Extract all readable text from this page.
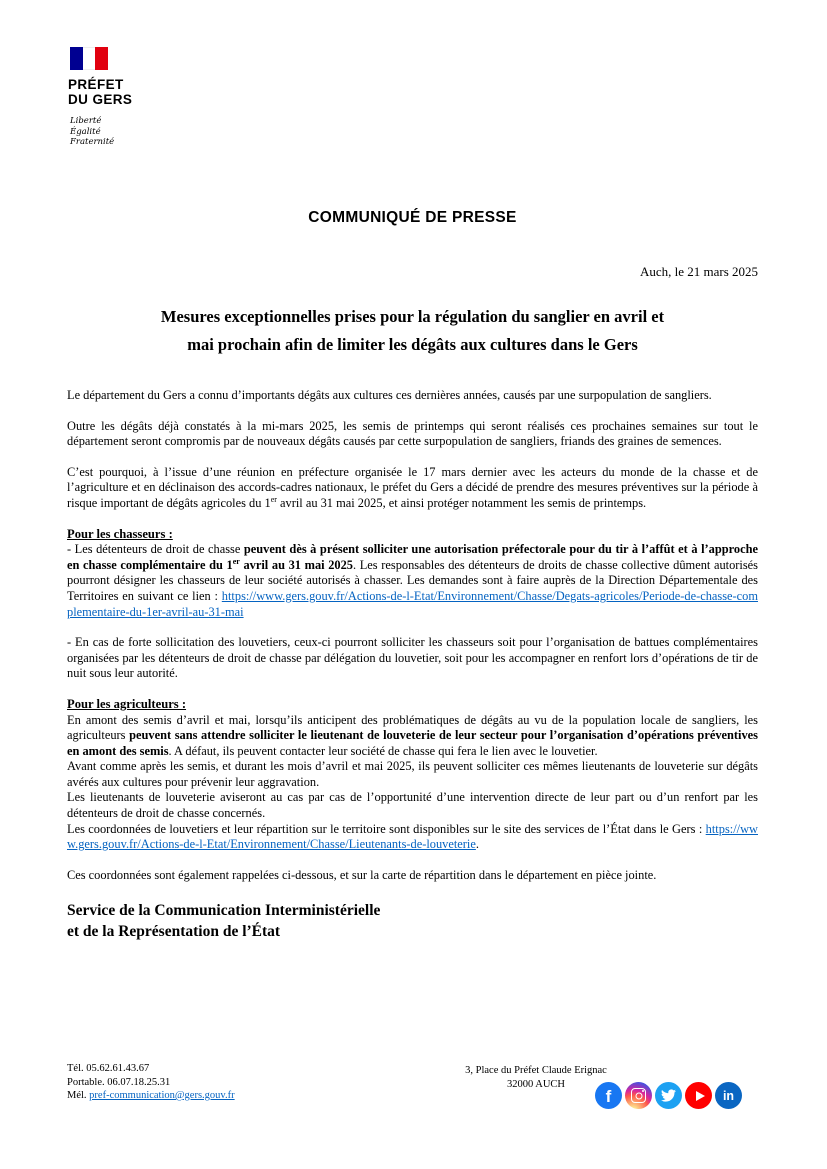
PRÉFET
DU GERS
Liberté
Égalité
Fraternité
COMMUNIQUÉ DE PRESSE
Auch, le 21 mars 2025
Mesures exceptionnelles prises pour la régulation du sanglier en avril et
mai prochain afin de limiter les dégâts aux cultures dans le Gers

Le département du Gers a connu d’importants dégâts aux cultures ces dernières années, causés par une surpopulation de sangliers.

Outre les dégâts déjà constatés à la mi-mars 2025, les semis de printemps qui seront réalisés ces prochaines semaines sur tout le département seront compromis par de nouveaux dégâts causés par cette surpopulation de sangliers, friands des graines de semences.

C’est pourquoi, à l’issue d’une réunion en préfecture organisée le 17 mars dernier avec les acteurs du monde de la chasse et de l’agriculture et en déclinaison des accords-cadres nationaux, le préfet du Gers a décidé de prendre des mesures préventives sur la période à risque important de dégâts agricoles du 1er avril au 31 mai 2025, et ainsi protéger notamment les semis de printemps.

Pour les chasseurs :

- Les détenteurs de droit de chasse peuvent dès à présent solliciter une autorisation préfectorale pour du tir à l’affût et à l’approche en chasse complémentaire du 1er avril au 31 mai 2025. Les responsables des détenteurs de droits de chasse collective dûment autorisés pourront désigner les chasseurs de leur société autorisés à chasser. Les demandes sont à faire auprès de la Direction Départementale des Territoires en suivant ce lien : https://www.gers.gouv.fr/Actions-de-l-Etat/Environnement/Chasse/Degats-agricoles/Periode-de-chasse-complementaire-du-1er-avril-au-31-mai

- En cas de forte sollicitation des louvetiers, ceux-ci pourront solliciter les chasseurs soit pour l’organisation de battues complémentaires organisées par les détenteurs de droit de chasse par délégation du louvetier, soit pour les accompagner en renfort lors d’opérations de tir de nuit sous leur autorité.

Pour les agriculteurs :

En amont des semis d’avril et mai, lorsqu’ils anticipent des problématiques de dégâts au vu de la population locale de sangliers, les agriculteurs peuvent sans attendre solliciter le lieutenant de louveterie de leur secteur pour l’organisation d’opérations préventives en amont des semis. A défaut, ils peuvent contacter leur société de chasse qui fera le lien avec le louvetier.

Avant comme après les semis, et durant les mois d’avril et mai 2025, ils peuvent solliciter ces mêmes lieutenants de louveterie sur dégâts avérés aux cultures pour prévenir leur aggravation.

Les lieutenants de louveterie aviseront au cas par cas de l’opportunité d’une intervention directe de leur part ou d’un renfort par les détenteurs de droit de chasse concernés.

Les coordonnées de louvetiers et leur répartition sur le territoire sont disponibles sur le site des services de l’État dans le Gers : https://www.gers.gouv.fr/Actions-de-l-Etat/Environnement/Chasse/Lieutenants-de-louveterie.

Ces coordonnées sont également rappelées ci-dessous, et sur la carte de répartition dans le département en pièce jointe.

Service de la Communication Interministérielle
et de la Représentation de l’État
Tél. 05.62.61.43.67
Portable. 06.07.18.25.31
Mél. pref-communication@gers.gouv.fr
3, Place du Préfet Claude Erignac
32000 AUCH
f	in
